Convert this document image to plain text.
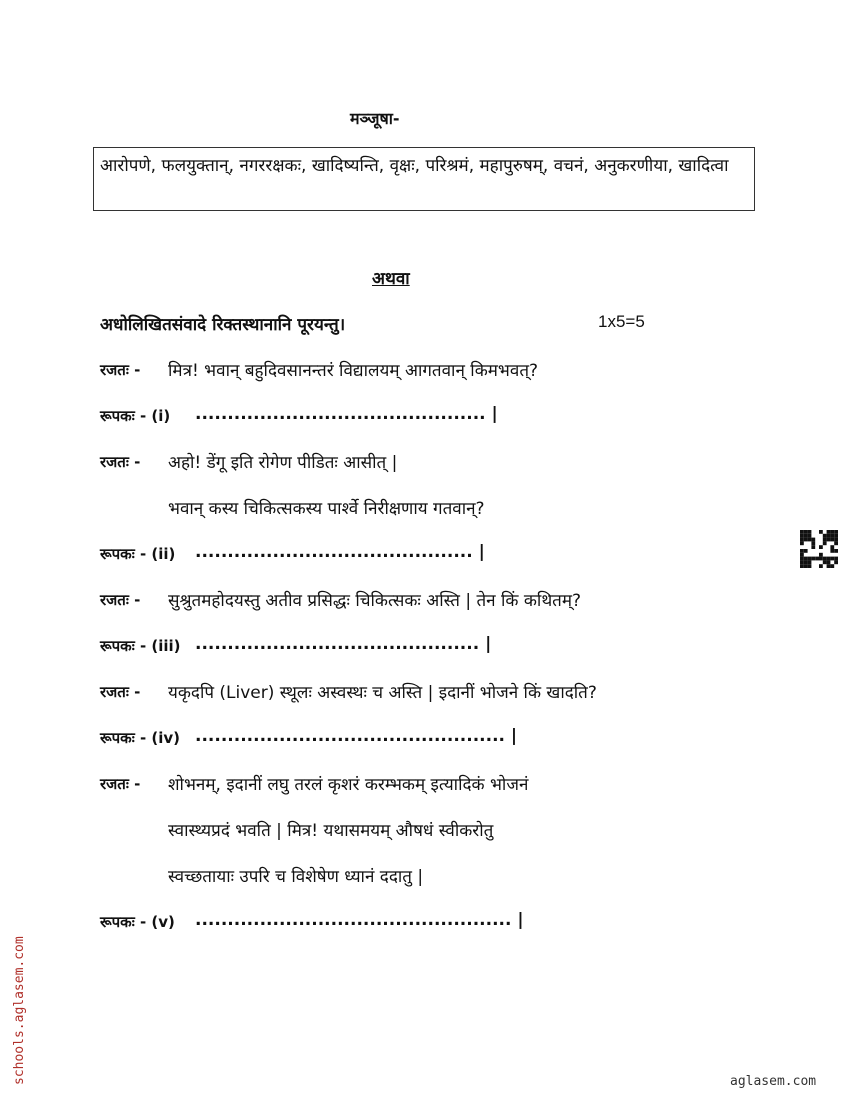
मञ्जूषा-
आरोपणे, फलयुक्तान्, नगररक्षकः, खादिष्यन्ति, वृक्षः, परिश्रमं, महापुरुषम्, वचनं, अनुकरणीया, खादित्वा
अथवा
अधोलिखितसंवादे रिक्तस्थानानि पूरयन्तु।	1x5=5
रजतः - मित्र! भवान् बहुदिवसानन्तरं विद्यालयम् आगतवान् किमभवत्?
रूपकः - (i) ............................................. |
रजतः - अहो! डेंगू इति रोगेण पीडितः आसीत् |
भवान् कस्य चिकित्सकस्य पार्श्वे निरीक्षणाय गतवान्?
रूपकः - (ii) ........................................... |
रजतः - सुश्रुतमहोदयस्तु अतीव प्रसिद्धः चिकित्सकः अस्ति | तेन किं कथितम्?
रूपकः - (iii) ............................................ |
रजतः - यकृदपि (Liver) स्थूलः अस्वस्थः च अस्ति | इदानीं भोजने किं खादति?
रूपकः - (iv) ................................................ |
रजतः - शोभनम्, इदानीं लघु तरलं कृशरं करम्भकम् इत्यादिकं भोजनं
स्वास्थ्यप्रदं भवति | मित्र! यथासमयम् औषधं स्वीकरोतु
स्वच्छतायाः उपरि च विशेषेण ध्यानं ददातु |
रूपकः - (v) ................................................. |
schools.aglasem.com	aglasem.com
